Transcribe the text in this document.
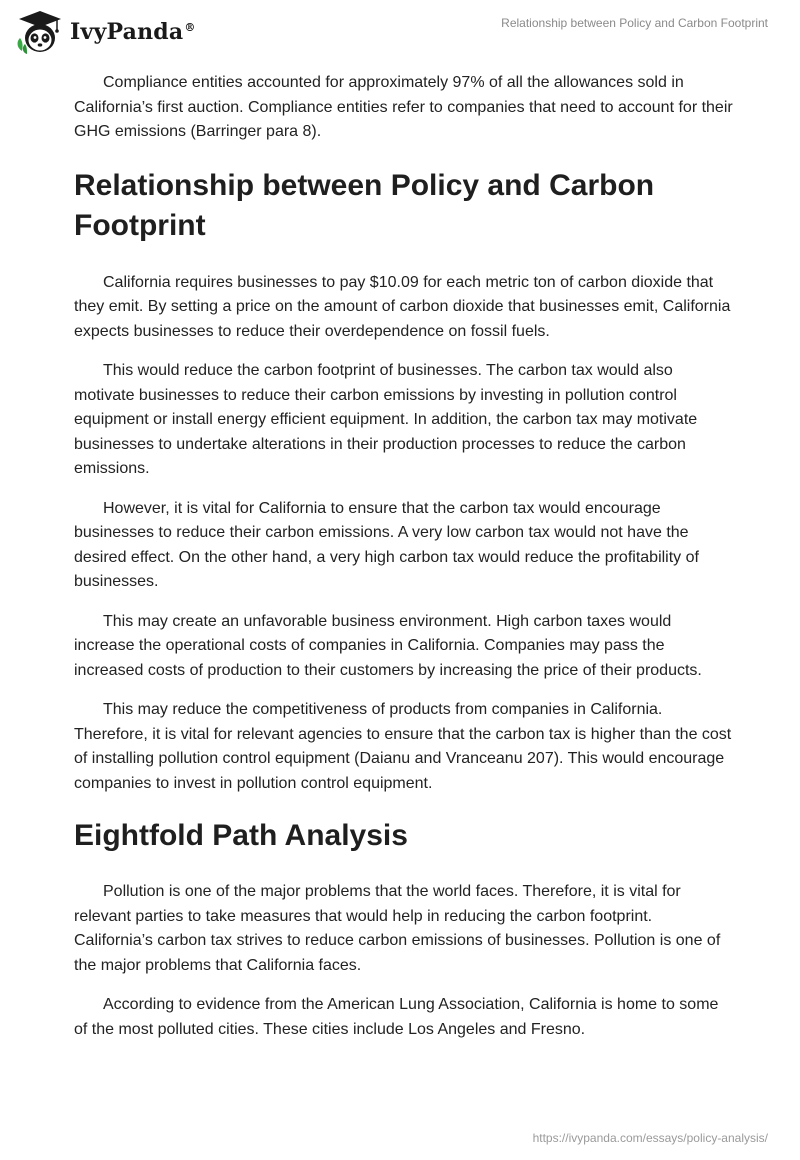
IvyPanda®	Relationship between Policy and Carbon Footprint

Compliance entities accounted for approximately 97% of all the allowances sold in California’s first auction. Compliance entities refer to companies that need to account for their GHG emissions (Barringer para 8).

Relationship between Policy and Carbon Footprint

California requires businesses to pay $10.09 for each metric ton of carbon dioxide that they emit. By setting a price on the amount of carbon dioxide that businesses emit, California expects businesses to reduce their overdependence on fossil fuels.

This would reduce the carbon footprint of businesses. The carbon tax would also motivate businesses to reduce their carbon emissions by investing in pollution control equipment or install energy efficient equipment. In addition, the carbon tax may motivate businesses to undertake alterations in their production processes to reduce the carbon emissions.

However, it is vital for California to ensure that the carbon tax would encourage businesses to reduce their carbon emissions. A very low carbon tax would not have the desired effect. On the other hand, a very high carbon tax would reduce the profitability of businesses.

This may create an unfavorable business environment. High carbon taxes would increase the operational costs of companies in California. Companies may pass the increased costs of production to their customers by increasing the price of their products.

This may reduce the competitiveness of products from companies in California. Therefore, it is vital for relevant agencies to ensure that the carbon tax is higher than the cost of installing pollution control equipment (Daianu and Vranceanu 207). This would encourage companies to invest in pollution control equipment.

Eightfold Path Analysis

Pollution is one of the major problems that the world faces. Therefore, it is vital for relevant parties to take measures that would help in reducing the carbon footprint. California’s carbon tax strives to reduce carbon emissions of businesses. Pollution is one of the major problems that California faces.

According to evidence from the American Lung Association, California is home to some of the most polluted cities. These cities include Los Angeles and Fresno.

https://ivypanda.com/essays/policy-analysis/
